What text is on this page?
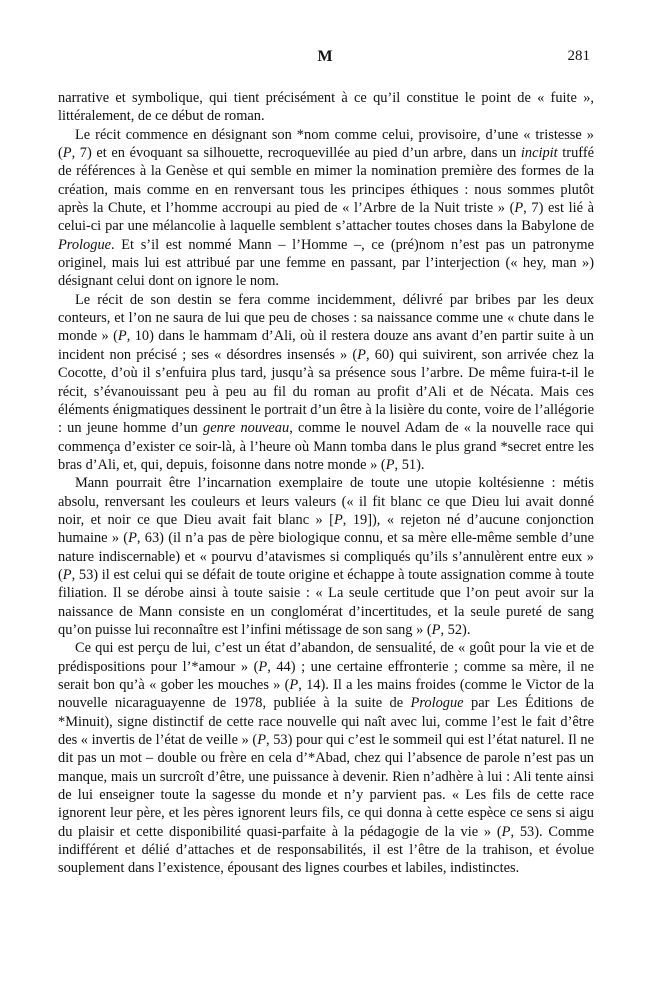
M	281

narrative et symbolique, qui tient précisément à ce qu’il constitue le point de « fuite », littéralement, de ce début de roman.

Le récit commence en désignant son *nom comme celui, provisoire, d’une « tristesse » (P, 7) et en évoquant sa silhouette, recroquevillée au pied d’un arbre, dans un incipit truffé de références à la Genèse et qui semble en mimer la nomination première des formes de la création, mais comme en en renversant tous les principes éthiques : nous sommes plutôt après la Chute, et l’homme accroupi au pied de « l’Arbre de la Nuit triste » (P, 7) est lié à celui-ci par une mélancolie à laquelle semblent s’attacher toutes choses dans la Babylone de Prologue. Et s’il est nommé Mann – l’Homme –, ce (pré)nom n’est pas un patronyme originel, mais lui est attribué par une femme en passant, par l’interjection (« hey, man ») désignant celui dont on ignore le nom.

Le récit de son destin se fera comme incidemment, délivré par bribes par les deux conteurs, et l’on ne saura de lui que peu de choses : sa naissance comme une « chute dans le monde » (P, 10) dans le hammam d’Ali, où il restera douze ans avant d’en partir suite à un incident non précisé ; ses « désordres insensés » (P, 60) qui suivirent, son arrivée chez la Cocotte, d’où il s’enfuira plus tard, jusqu’à sa présence sous l’arbre. De même fuira-t-il le récit, s’évanouissant peu à peu au fil du roman au profit d’Ali et de Nécata. Mais ces éléments énigmatiques dessinent le portrait d’un être à la lisière du conte, voire de l’allégorie : un jeune homme d’un genre nouveau, comme le nouvel Adam de « la nouvelle race qui commença d’exister ce soir-là, à l’heure où Mann tomba dans le plus grand *secret entre les bras d’Ali, et, qui, depuis, foisonne dans notre monde » (P, 51).

Mann pourrait être l’incarnation exemplaire de toute une utopie koltésienne : métis absolu, renversant les couleurs et leurs valeurs (« il fit blanc ce que Dieu lui avait donné noir, et noir ce que Dieu avait fait blanc » [P, 19]), « rejeton né d’aucune conjonction humaine » (P, 63) (il n’a pas de père biologique connu, et sa mère elle-même semble d’une nature indiscernable) et « pourvu d’atavismes si compliqués qu’ils s’annulèrent entre eux » (P, 53) il est celui qui se défait de toute origine et échappe à toute assignation comme à toute filiation. Il se dérobe ainsi à toute saisie : « La seule certitude que l’on peut avoir sur la naissance de Mann consiste en un conglomérat d’incertitudes, et la seule pureté de sang qu’on puisse lui reconnaître est l’infini métissage de son sang » (P, 52).

Ce qui est perçu de lui, c’est un état d’abandon, de sensualité, de « goût pour la vie et de prédispositions pour l’*amour » (P, 44) ; une certaine effronterie ; comme sa mère, il ne serait bon qu’à « gober les mouches » (P, 14). Il a les mains froides (comme le Victor de la nouvelle nicaraguayenne de 1978, publiée à la suite de Prologue par Les Éditions de *Minuit), signe distinctif de cette race nouvelle qui naît avec lui, comme l’est le fait d’être des « invertis de l’état de veille » (P, 53) pour qui c’est le sommeil qui est l’état naturel. Il ne dit pas un mot – double ou frère en cela d’*Abad, chez qui l’absence de parole n’est pas un manque, mais un surcroît d’être, une puissance à devenir. Rien n’adhère à lui : Ali tente ainsi de lui enseigner toute la sagesse du monde et n’y parvient pas. « Les fils de cette race ignorent leur père, et les pères ignorent leurs fils, ce qui donna à cette espèce ce sens si aigu du plaisir et cette disponibilité quasi-parfaite à la pédagogie de la vie » (P, 53). Comme indifférent et délié d’attaches et de responsabilités, il est l’être de la trahison, et évolue souplement dans l’existence, épousant des lignes courbes et labiles, indistinctes.
